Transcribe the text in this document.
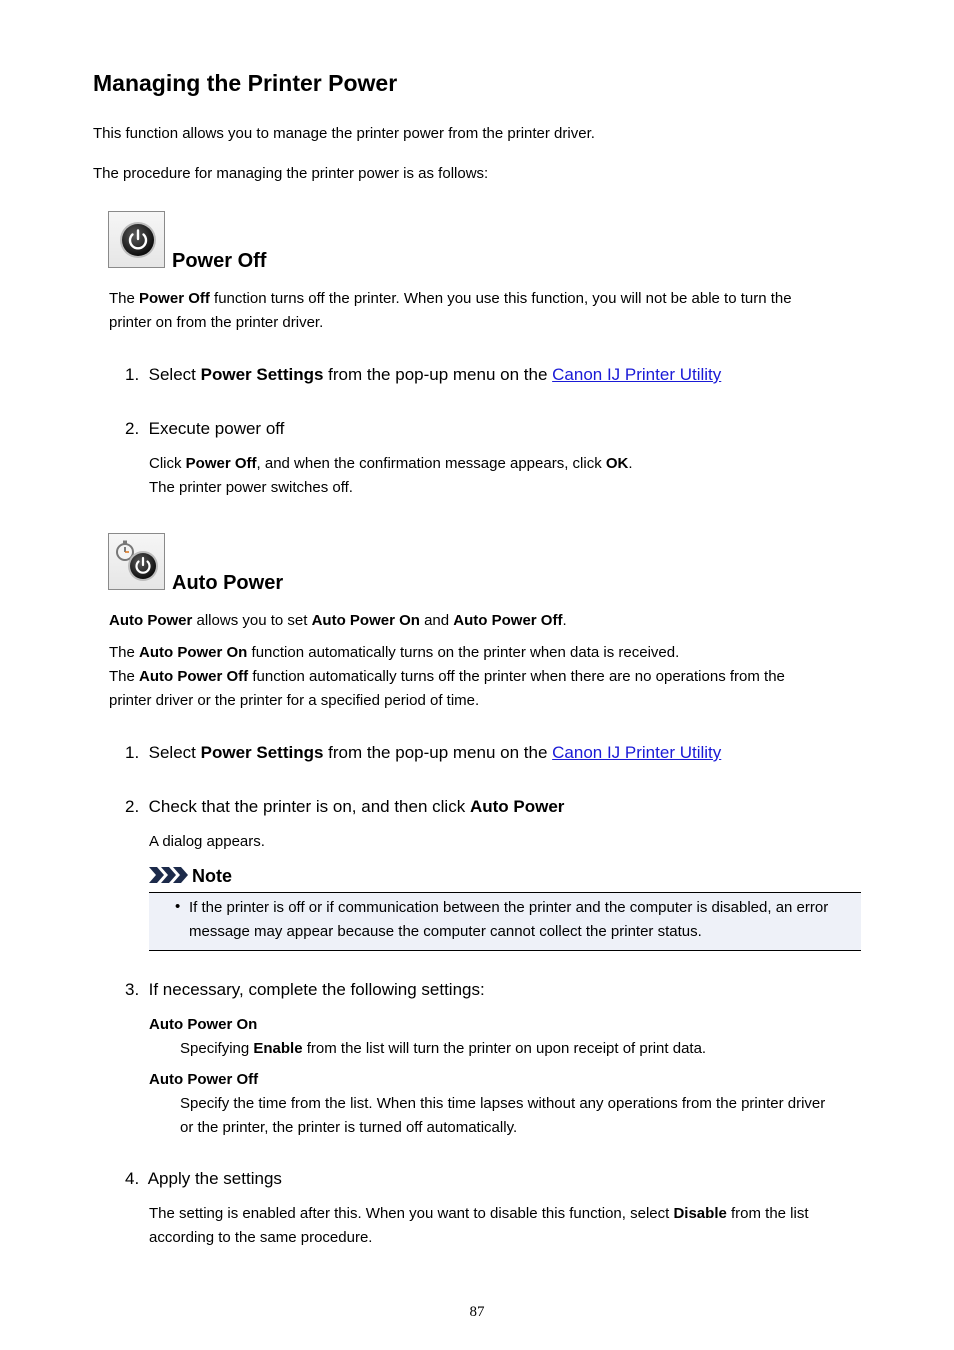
Managing the Printer Power

This function allows you to manage the printer power from the printer driver.

The procedure for managing the printer power is as follows:

Power Off

The Power Off function turns off the printer. When you use this function, you will not be able to turn the
printer on from the printer driver.

1. Select Power Settings from the pop-up menu on the Canon IJ Printer Utility
2. Execute power off

Click Power Off, and when the confirmation message appears, click OK.
The printer power switches off.

Auto Power

Auto Power allows you to set Auto Power On and Auto Power Off.

The Auto Power On function automatically turns on the printer when data is received.
The Auto Power Off function automatically turns off the printer when there are no operations from the
printer driver or the printer for a specified period of time.

1. Select Power Settings from the pop-up menu on the Canon IJ Printer Utility
2. Check that the printer is on, and then click Auto Power

A dialog appears.

Note
• If the printer is off or if communication between the printer and the computer is disabled, an error message may appear because the computer cannot collect the printer status.
3. If necessary, complete the following settings:

Auto Power On

Specifying Enable from the list will turn the printer on upon receipt of print data.

Auto Power Off

Specify the time from the list. When this time lapses without any operations from the printer driver
or the printer, the printer is turned off automatically.

4. Apply the settings

The setting is enabled after this. When you want to disable this function, select Disable from the list
according to the same procedure.

87
